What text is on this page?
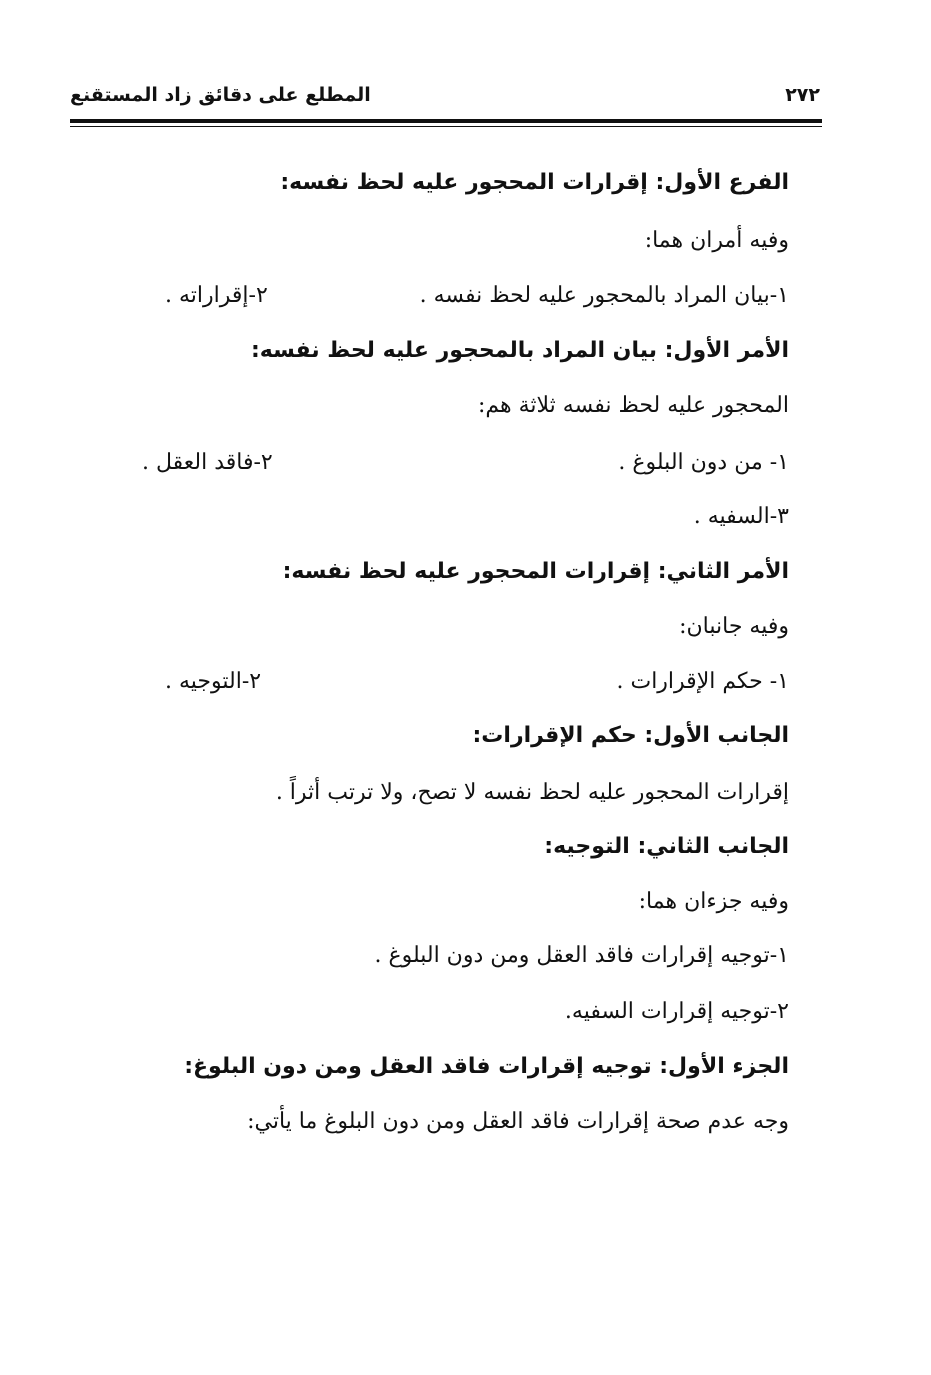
المطلع على دقائق زاد المستقنع	٢٧٢
الفرع الأول: إقرارات المحجور عليه لحظ نفسه:
وفيه أمران هما:
١-بيان المراد بالمحجور عليه لحظ نفسه .
٢-إقراراته .
الأمر الأول: بيان المراد بالمحجور عليه لحظ نفسه:
المحجور عليه لحظ نفسه ثلاثة هم:
١- من دون البلوغ .
٢-فاقد العقل .
٣-السفيه .
الأمر الثاني: إقرارات المحجور عليه لحظ نفسه:
وفيه جانبان:
١- حكم الإقرارات .
٢-التوجيه .
الجانب الأول: حكم الإقرارات:
إقرارات المحجور عليه لحظ نفسه لا تصح، ولا ترتب أثراً .
الجانب الثاني: التوجيه:
وفيه جزءان هما:
١-توجيه إقرارات فاقد العقل ومن دون البلوغ .
٢-توجيه إقرارات السفيه.
الجزء الأول: توجيه إقرارات فاقد العقل ومن دون البلوغ:
وجه عدم صحة إقرارات فاقد العقل ومن دون البلوغ ما يأتي:
